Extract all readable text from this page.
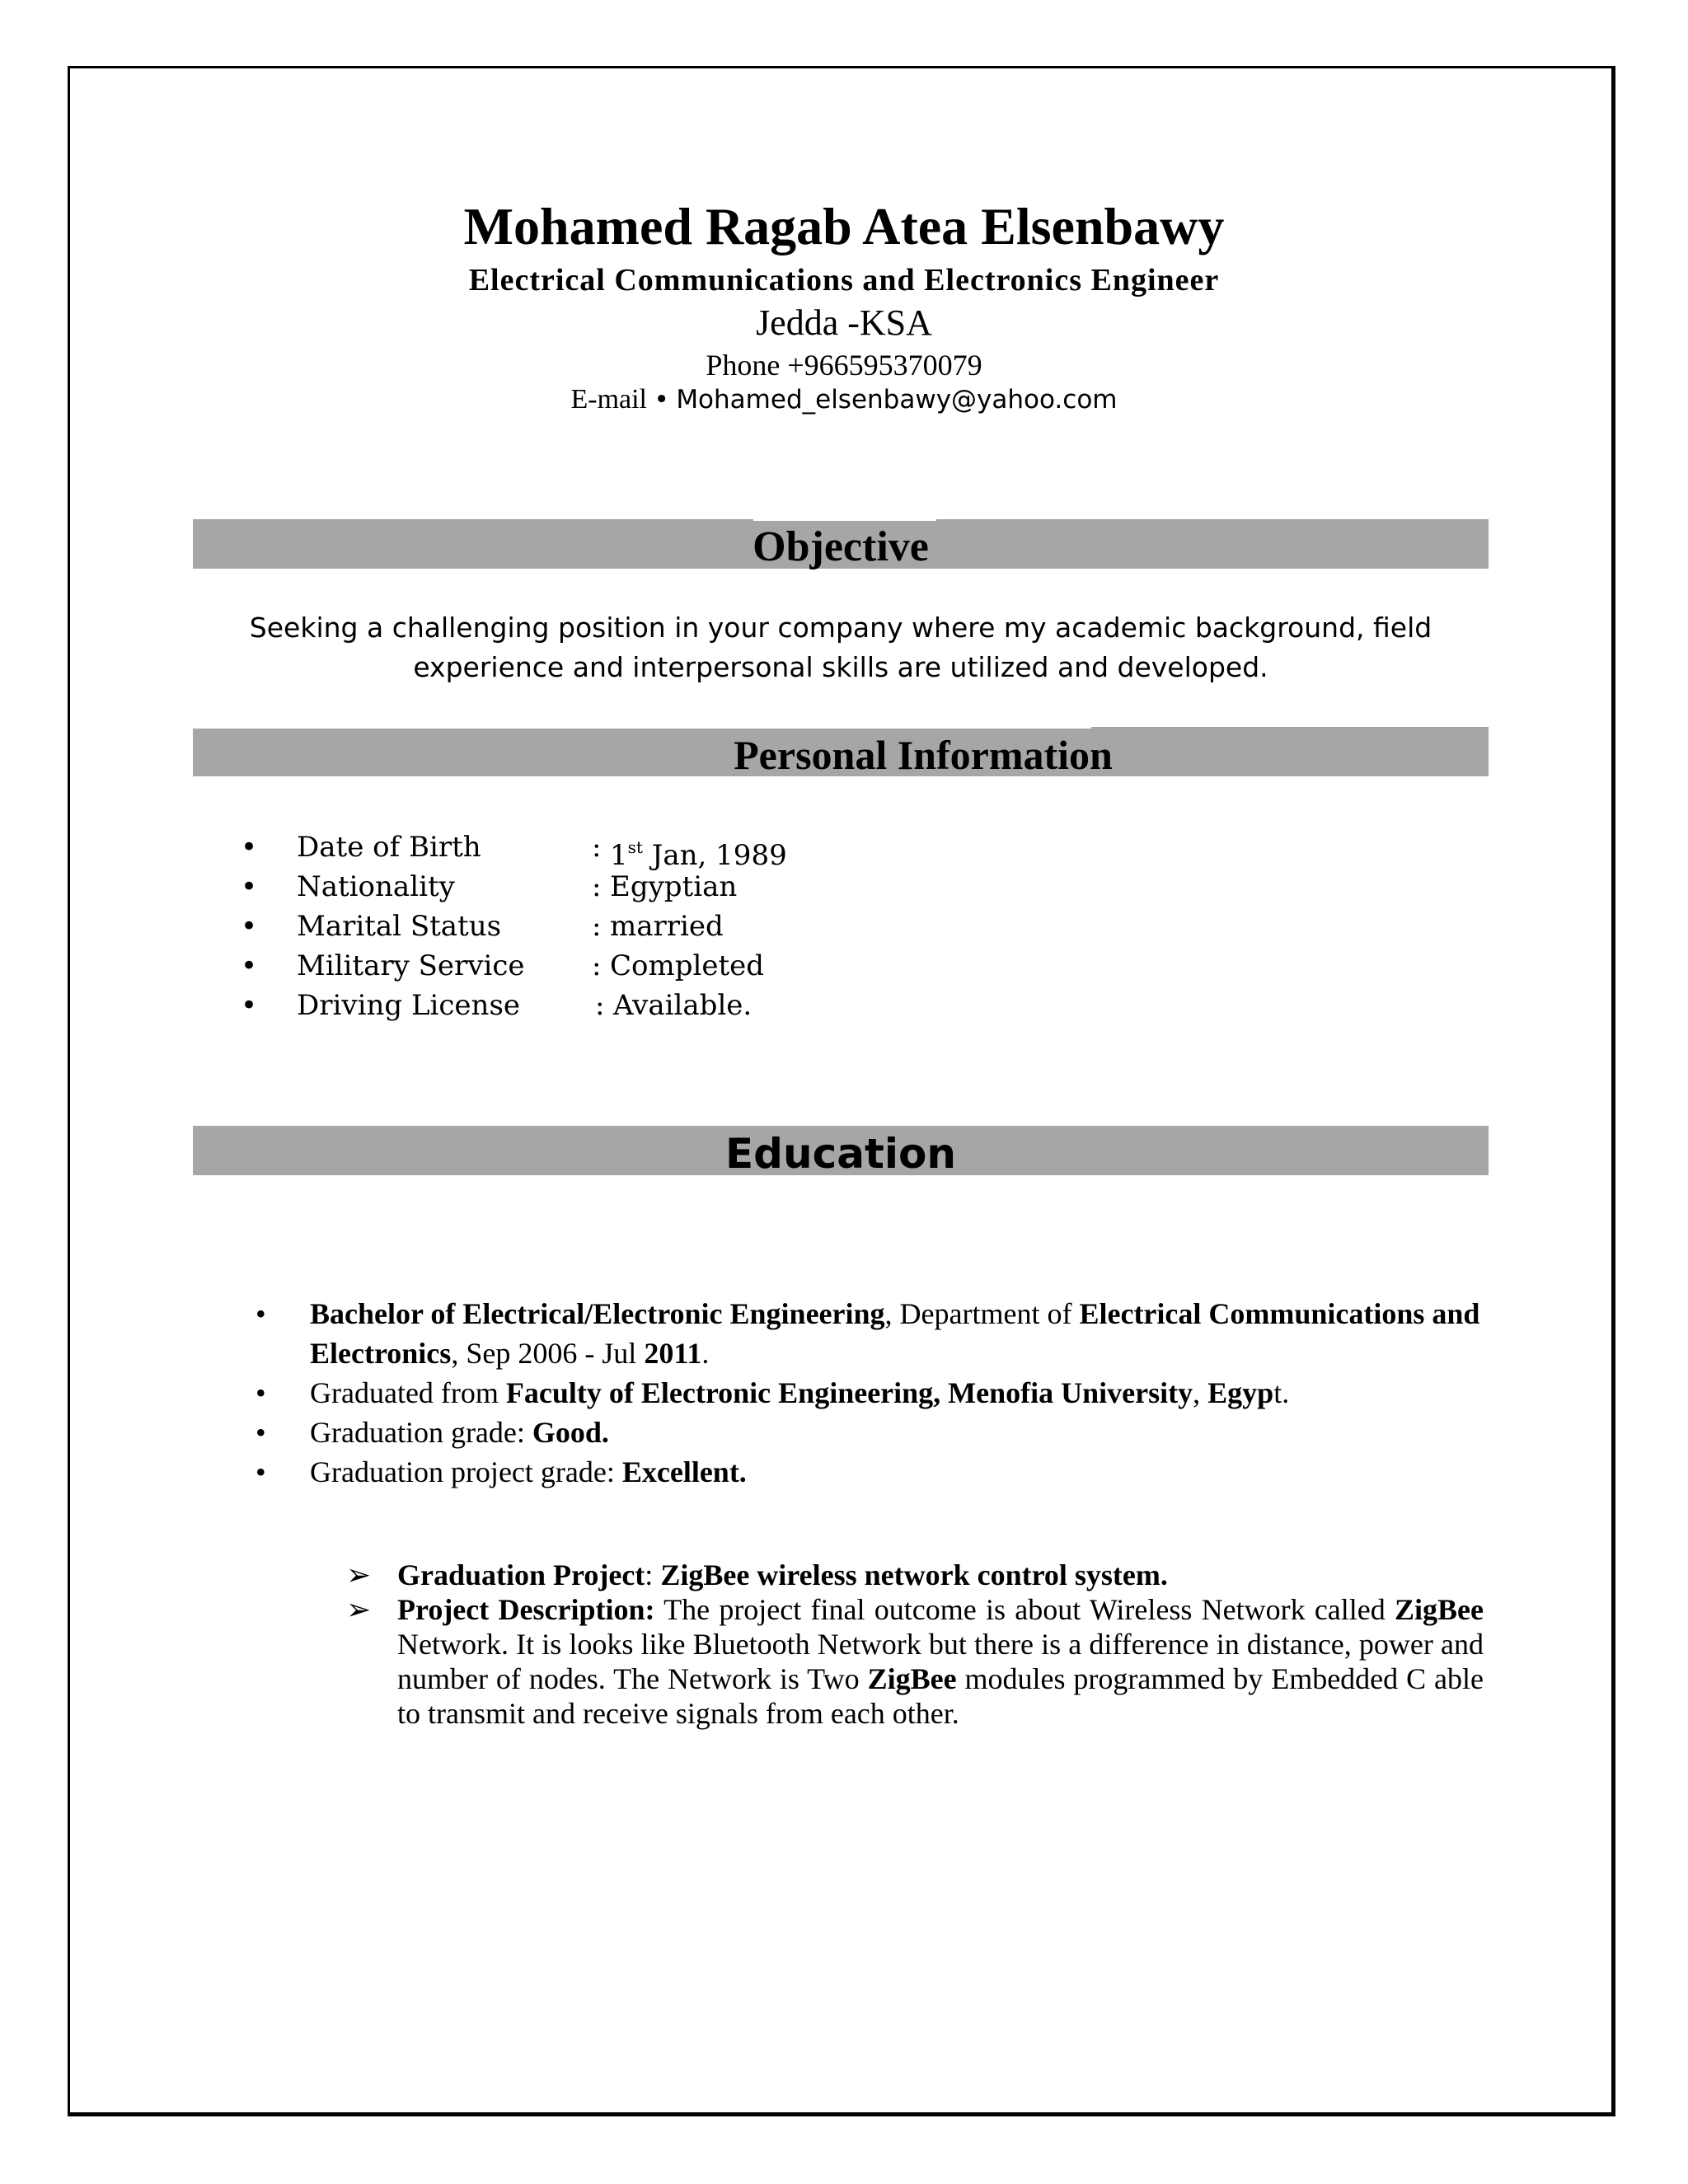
Mohamed Ragab Atea Elsenbawy
Electrical Communications and Electronics Engineer
Jedda -KSA
Phone +966595370079
E-mail • Mohamed_elsenbawy@yahoo.com
Objective
Seeking a challenging position in your company where my academic background, field
experience and interpersonal skills are utilized and developed.
Personal Information
• Date of Birth	: 1st Jan, 1989
• Nationality	: Egyptian
• Marital Status	: married
• Military Service : Completed
• Driving License	: Available.
Education
• Bachelor of Electrical/Electronic Engineering, Department of Electrical Communications and Electronics, Sep 2006 - Jul 2011.
• Graduated from Faculty of Electronic Engineering, Menofia University, Egypt.
• Graduation grade: Good.
• Graduation project grade: Excellent.
➢ Graduation Project: ZigBee wireless network control system.
➢ Project Description: The project final outcome is about Wireless Network called ZigBee Network. It is looks like Bluetooth Network but there is a difference in distance, power and number of nodes. The Network is Two ZigBee modules programmed by Embedded C able to transmit and receive signals from each other.
